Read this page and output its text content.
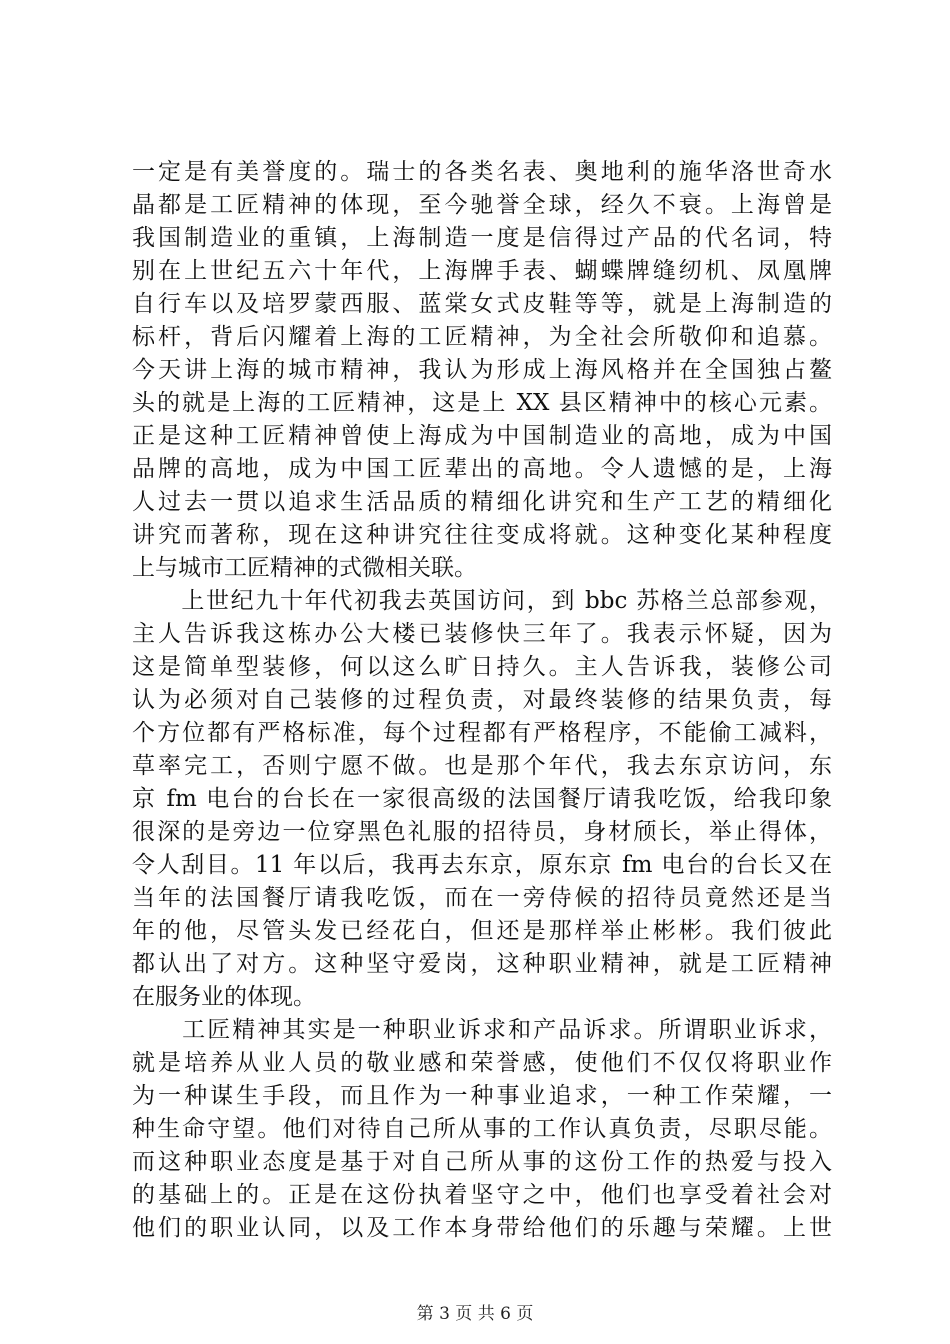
一定是有美誉度的。瑞士的各类名表、奥地利的施华洛世奇水
晶都是工匠精神的体现，至今驰誉全球，经久不衰。上海曾是
我国制造业的重镇，上海制造一度是信得过产品的代名词，特
别在上世纪五六十年代，上海牌手表、蝴蝶牌缝纫机、凤凰牌
自行车以及培罗蒙西服、蓝棠女式皮鞋等等，就是上海制造的
标杆，背后闪耀着上海的工匠精神，为全社会所敬仰和追慕。
今天讲上海的城市精神，我认为形成上海风格并在全国独占鳌
头的就是上海的工匠精神，这是上 XX 县区精神中的核心元素。
正是这种工匠精神曾使上海成为中国制造业的高地，成为中国
品牌的高地，成为中国工匠辈出的高地。令人遗憾的是，上海
人过去一贯以追求生活品质的精细化讲究和生产工艺的精细化
讲究而著称，现在这种讲究往往变成将就。这种变化某种程度
上与城市工匠精神的式微相关联。
　　上世纪九十年代初我去英国访问，到 bbc 苏格兰总部参观，
主人告诉我这栋办公大楼已装修快三年了。我表示怀疑，因为
这是简单型装修，何以这么旷日持久。主人告诉我，装修公司
认为必须对自己装修的过程负责，对最终装修的结果负责，每
个方位都有严格标准，每个过程都有严格程序，不能偷工减料，
草率完工，否则宁愿不做。也是那个年代，我去东京访问，东
京 fm 电台的台长在一家很高级的法国餐厅请我吃饭，给我印象
很深的是旁边一位穿黑色礼服的招待员，身材颀长，举止得体，
令人刮目。11 年以后，我再去东京，原东京 fm 电台的台长又在
当年的法国餐厅请我吃饭，而在一旁侍候的招待员竟然还是当
年的他，尽管头发已经花白，但还是那样举止彬彬。我们彼此
都认出了对方。这种坚守爱岗，这种职业精神，就是工匠精神
在服务业的体现。
　　工匠精神其实是一种职业诉求和产品诉求。所谓职业诉求，
就是培养从业人员的敬业感和荣誉感，使他们不仅仅将职业作
为一种谋生手段，而且作为一种事业追求，一种工作荣耀，一
种生命守望。他们对待自己所从事的工作认真负责，尽职尽能。
而这种职业态度是基于对自己所从事的这份工作的热爱与投入
的基础上的。正是在这份执着坚守之中，他们也享受着社会对
他们的职业认同，以及工作本身带给他们的乐趣与荣耀。上世
第 3 页 共 6 页
